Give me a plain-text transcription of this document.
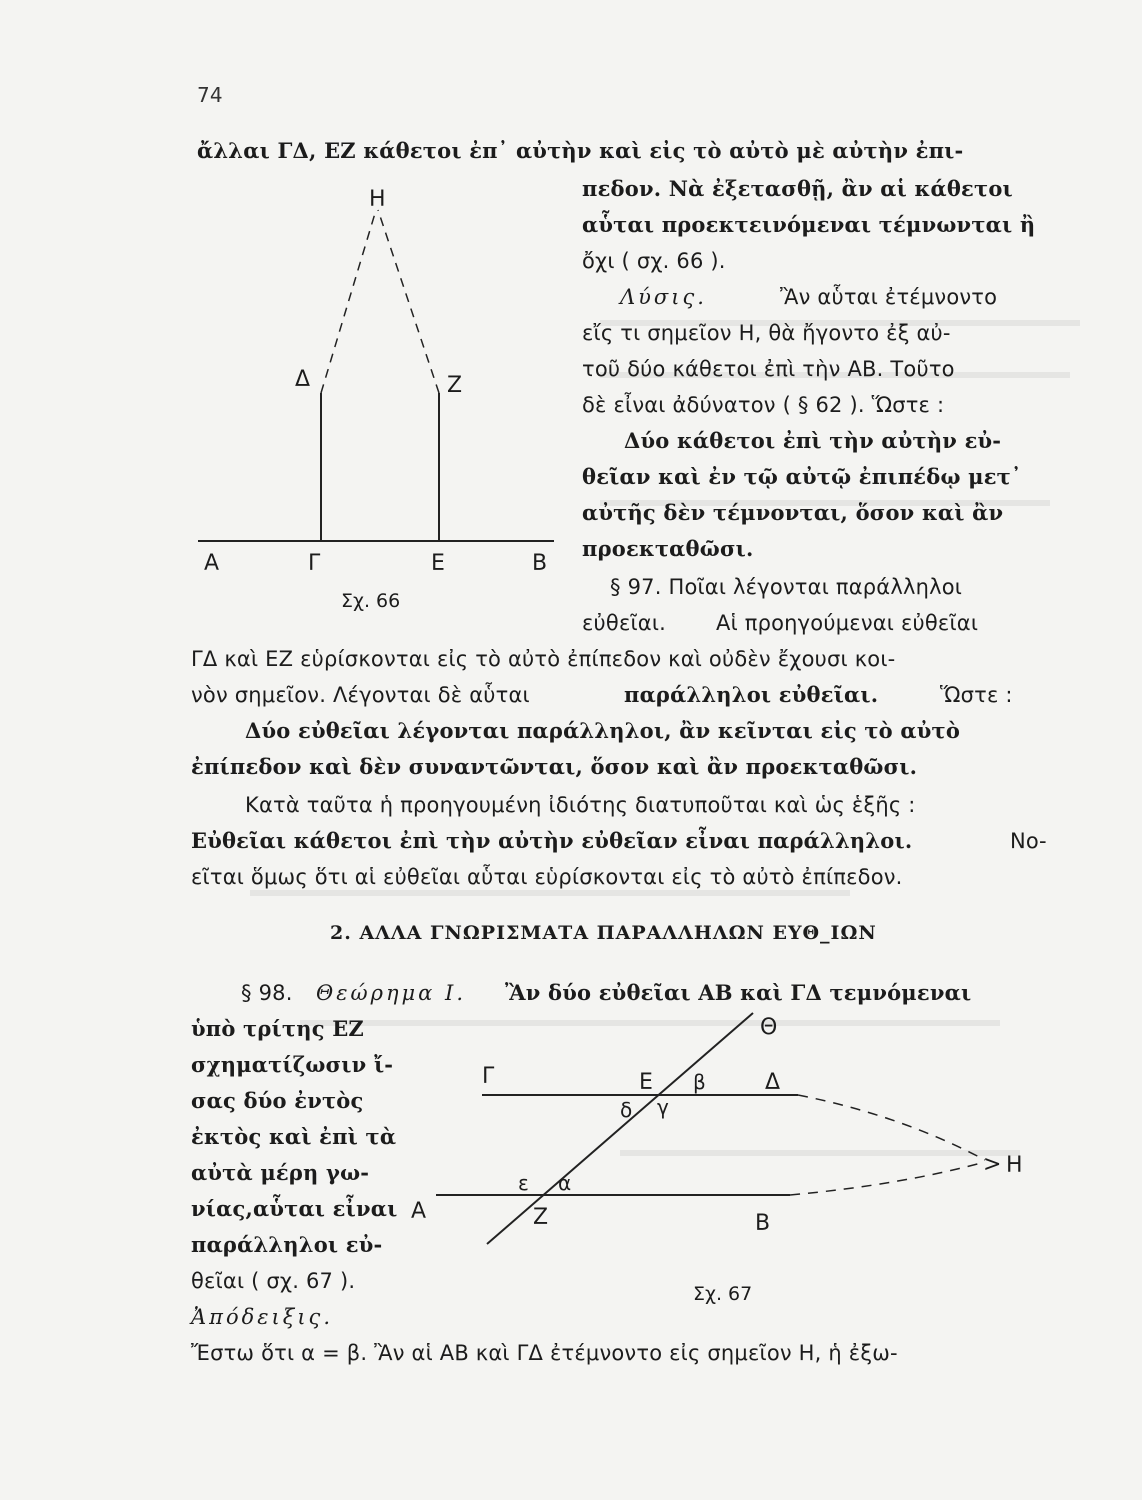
74
Η
Δ	Z
Α	Γ	Ε	Β
Σχ. 66
Θ
Γ	Ε β	Δ
δ γ
Η
>
ε α
Α	Ζ	Β
Σχ. 67
ἄλλαι ΓΔ, ΕΖ κάθετοι ἐπ᾿ αὐτὴν καὶ εἰς τὸ αὐτὸ μὲ αὐτὴν ἐπι-
πεδον. Νὰ ἐξετασθῇ, ἂν αἱ κάθετοι
αὗται προεκτεινόμεναι τέμνωνται ἢ
ὄχι ( σχ. 66 ).
Λύσις.	Ἂν αὗται ἐτέμνοντο
εἴς τι σημεῖον Η, θὰ ἤγοντο ἐξ αὐ-
τοῦ δύο κάθετοι ἐπὶ τὴν ΑΒ. Τοῦτο
δὲ εἶναι ἀδύνατον ( § 62 ). Ὥστε :
Δύο κάθετοι ἐπὶ τὴν αὐτὴν εὐ-
θεῖαν καὶ ἐν τῷ αὐτῷ ἐπιπέδῳ μετ᾿
αὐτῆς δὲν τέμνονται, ὅσον καὶ ἂν
προεκταθῶσι.
§ 97. Ποῖαι λέγονται παράλληλοι
εὐθεῖαι. Αἱ προηγούμεναι εὐθεῖαι
ΓΔ καὶ ΕΖ εὑρίσκονται εἰς τὸ αὐτὸ ἐπίπεδον καὶ οὐδὲν ἔχουσι κοι-
νὸν σημεῖον. Λέγονται δὲ αὗται	παράλληλοι εὐθεῖαι.	Ὥστε :
Δύο εὐθεῖαι λέγονται παράλληλοι, ἂν κεῖνται εἰς τὸ αὐτὸ
ἐπίπεδον καὶ δὲν συναντῶνται, ὅσον καὶ ἂν προεκταθῶσι.
Κατὰ ταῦτα ἡ προηγουμένη ἰδιότης διατυποῦται καὶ ὡς ἑξῆς :
Εὐθεῖαι κάθετοι ἐπὶ τὴν αὐτὴν εὐθεῖαν εἶναι παράλληλοι.	Νο-
εῖται ὅμως ὅτι αἱ εὐθεῖαι αὗται εὑρίσκονται εἰς τὸ αὐτὸ ἐπίπεδον.
2. ΑΛΛΑ ΓΝΩΡΙΣΜΑΤΑ ΠΑΡΑΛΛΗΛΩΝ ΕΥΘ_ΙΩΝ
§ 98. Θεώρημα Ι. Ἂν δύο εὐθεῖαι ΑΒ καὶ ΓΔ τεμνόμεναι
ὑπὸ τρίτης ΕΖ
σχηματίζωσιν ἴ-
σας δύο ἐντὸς
ἐκτὸς καὶ ἐπὶ τὰ
αὐτὰ μέρη γω-
νίας,αὗται εἶναι
παράλληλοι εὐ-
θεῖαι ( σχ. 67 ).
Ἀπόδειξις.
Ἔστω ὅτι α = β. Ἂν αἱ ΑΒ καὶ ΓΔ ἐτέμνοντο εἰς σημεῖον Η, ἡ ἐξω-
